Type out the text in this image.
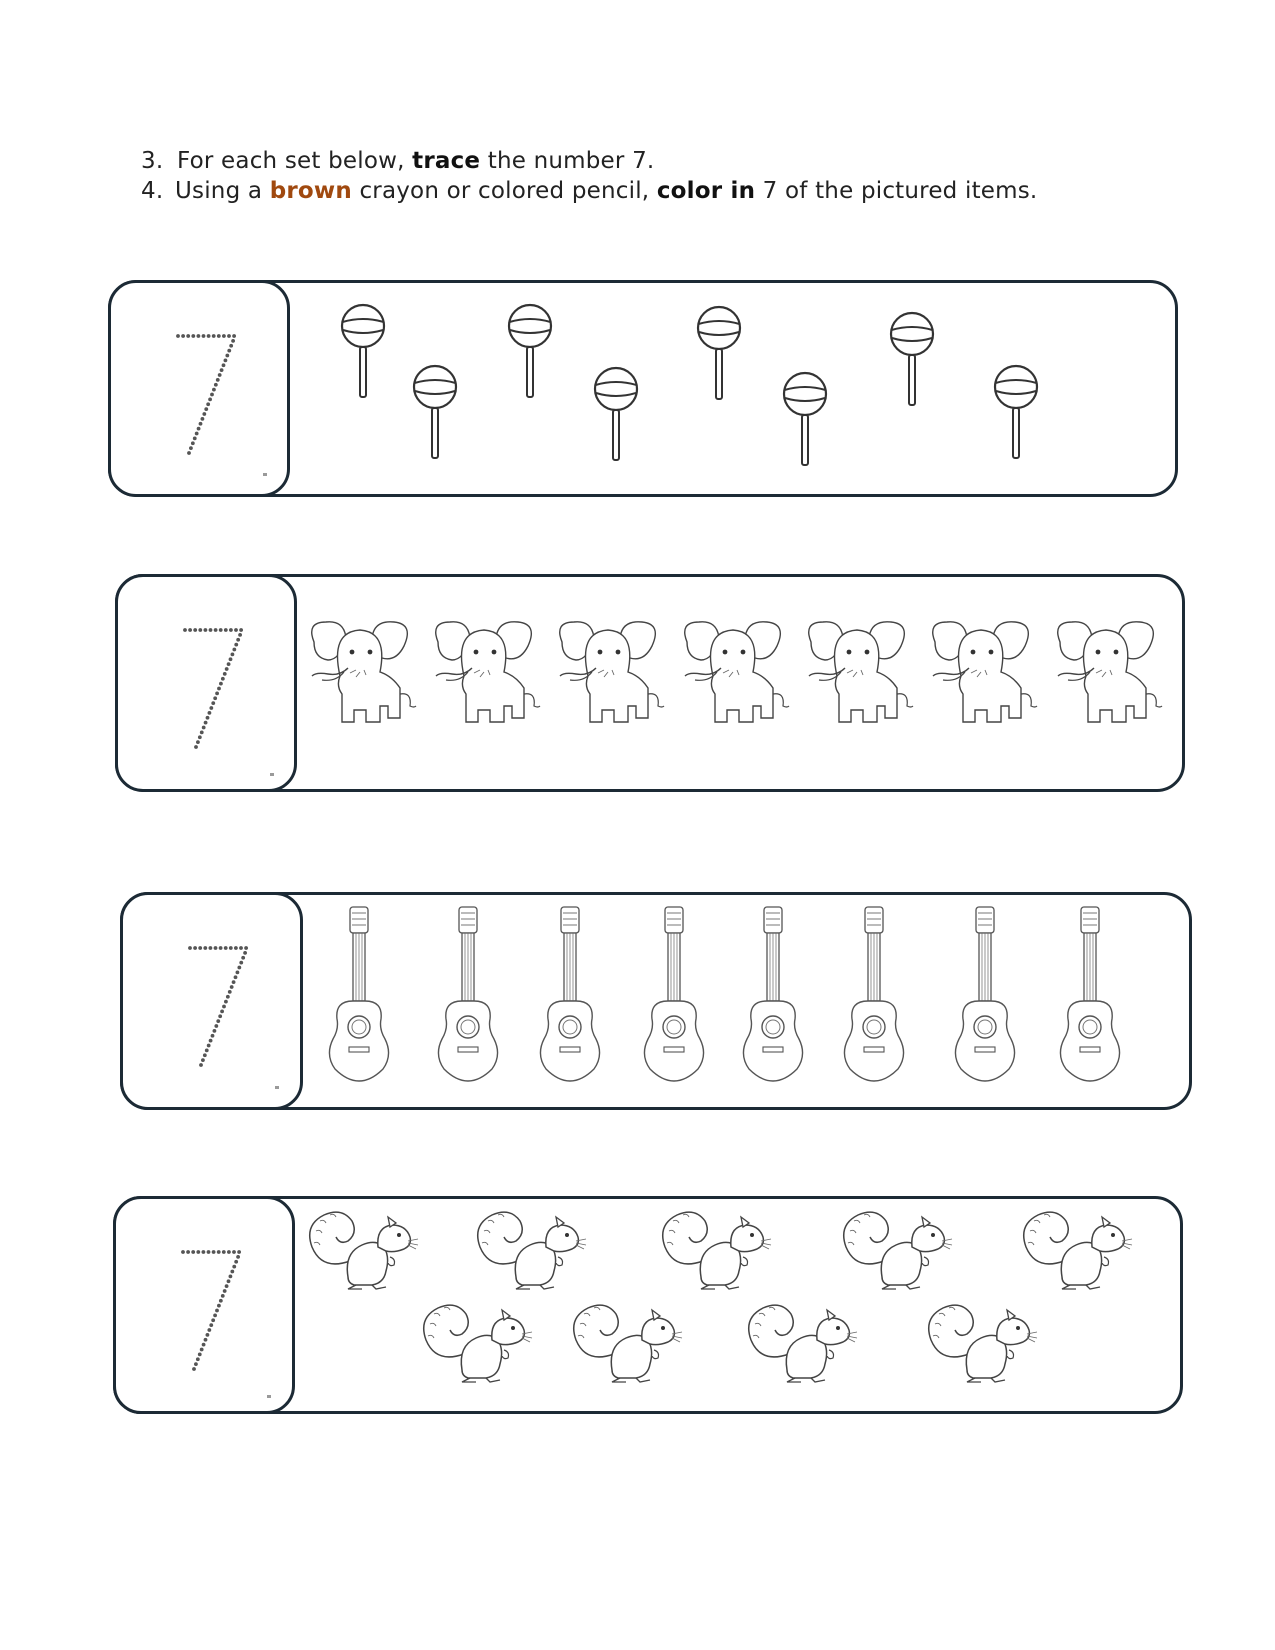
3. For each set below, trace the number 7.
4. Using a brown crayon or colored pencil, color in 7 of the pictured items.
